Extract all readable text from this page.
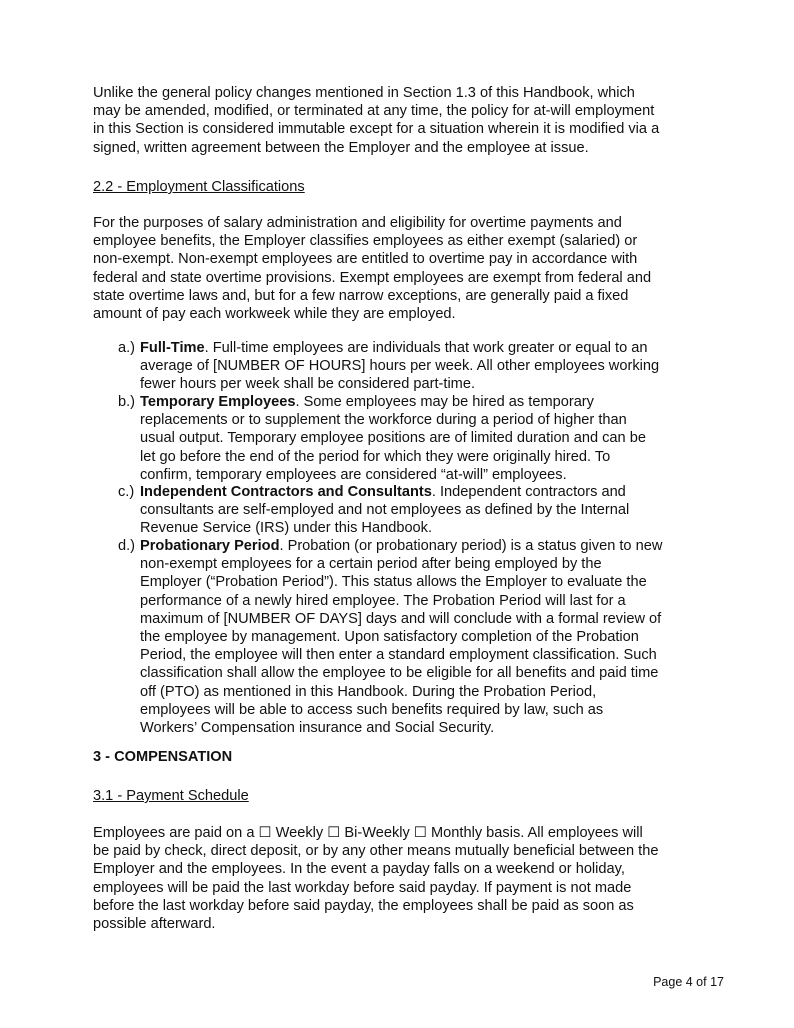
Unlike the general policy changes mentioned in Section 1.3 of this Handbook, which
may be amended, modified, or terminated at any time, the policy for at-will employment
in this Section is considered immutable except for a situation wherein it is modified via a
signed, written agreement between the Employer and the employee at issue.
2.2 - Employment Classifications
For the purposes of salary administration and eligibility for overtime payments and
employee benefits, the Employer classifies employees as either exempt (salaried) or
non-exempt. Non-exempt employees are entitled to overtime pay in accordance with
federal and state overtime provisions. Exempt employees are exempt from federal and
state overtime laws and, but for a few narrow exceptions, are generally paid a fixed
amount of pay each workweek while they are employed.
a.) Full-Time. Full-time employees are individuals that work greater or equal to an
average of [NUMBER OF HOURS] hours per week. All other employees working
fewer hours per week shall be considered part-time.
b.) Temporary Employees. Some employees may be hired as temporary
replacements or to supplement the workforce during a period of higher than
usual output. Temporary employee positions are of limited duration and can be
let go before the end of the period for which they were originally hired. To
confirm, temporary employees are considered “at-will” employees.
c.) Independent Contractors and Consultants. Independent contractors and
consultants are self-employed and not employees as defined by the Internal
Revenue Service (IRS) under this Handbook.
d.) Probationary Period. Probation (or probationary period) is a status given to new
non-exempt employees for a certain period after being employed by the
Employer (“Probation Period”). This status allows the Employer to evaluate the
performance of a newly hired employee. The Probation Period will last for a
maximum of [NUMBER OF DAYS] days and will conclude with a formal review of
the employee by management. Upon satisfactory completion of the Probation
Period, the employee will then enter a standard employment classification. Such
classification shall allow the employee to be eligible for all benefits and paid time
off (PTO) as mentioned in this Handbook. During the Probation Period,
employees will be able to access such benefits required by law, such as
Workers’ Compensation insurance and Social Security.
3 - COMPENSATION
3.1 - Payment Schedule
Employees are paid on a ☐ Weekly ☐ Bi-Weekly ☐ Monthly basis. All employees will
be paid by check, direct deposit, or by any other means mutually beneficial between the
Employer and the employees. In the event a payday falls on a weekend or holiday,
employees will be paid the last workday before said payday. If payment is not made
before the last workday before said payday, the employees shall be paid as soon as
possible afterward.
Page 4 of 17
